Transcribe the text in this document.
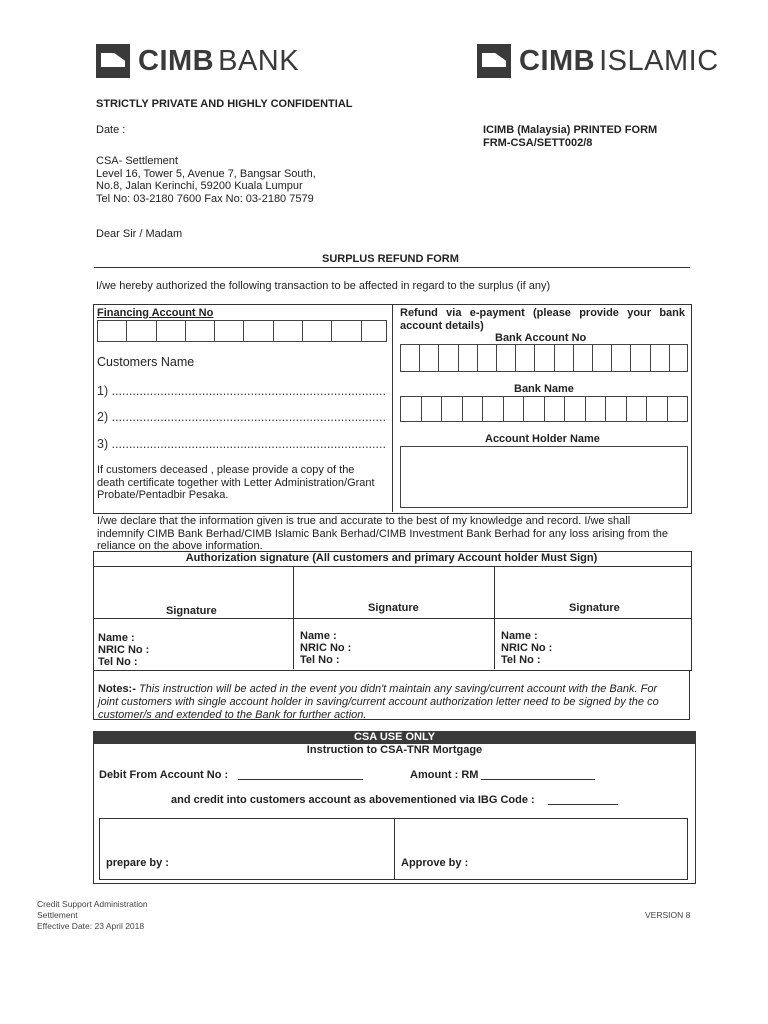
CIMB BANK	CIMB ISLAMIC
STRICTLY PRIVATE AND HIGHLY CONFIDENTIAL
Date :	ICIMB (Malaysia) PRINTED FORM
FRM-CSA/SETT002/8
CSA- Settlement
Level 16, Tower 5, Avenue 7, Bangsar South,
No.8, Jalan Kerinchi, 59200 Kuala Lumpur
Tel No: 03-2180 7600 Fax No: 03-2180 7579
Dear Sir / Madam
SURPLUS REFUND FORM
I/we hereby authorized the following transaction to be affected in regard to the surplus (if any)
Financing Account No
Customers Name
1) ...............................................................................
2) ...............................................................................
3) ...............................................................................
If customers deceased , please provide a copy of the
death certificate together with Letter Administration/Grant
Probate/Pentadbir Pesaka.
Refund via e-payment (please provide your bank
account details)
Bank Account No
Bank Name
Account Holder Name
I/we declare that the information given is true and accurate to the best of my knowledge and record. I/we shall
indemnify CIMB Bank Berhad/CIMB Islamic Bank Berhad/CIMB Investment Bank Berhad for any loss arising from the
reliance on the above information.
Authorization signature (All customers and primary Account holder Must Sign)
Signature	Signature	Signature
Name :
NRIC No :
Tel No :
Name :
NRIC No :
Tel No :
Name :
NRIC No :
Tel No :
Notes:- This instruction will be acted in the event you didn't maintain any saving/current account with the Bank. For
joint customers with single account holder in saving/current account authorization letter need to be signed by the co
customer/s and extended to the Bank for further action.
CSA USE ONLY
Instruction to CSA-TNR Mortgage
Debit From Account No :	Amount : RM
and credit into customers account as abovementioned via IBG Code :
prepare by :	Approve by :
Credit Support Administration
Settlement
Effective Date: 23 April 2018
VERSION 8
